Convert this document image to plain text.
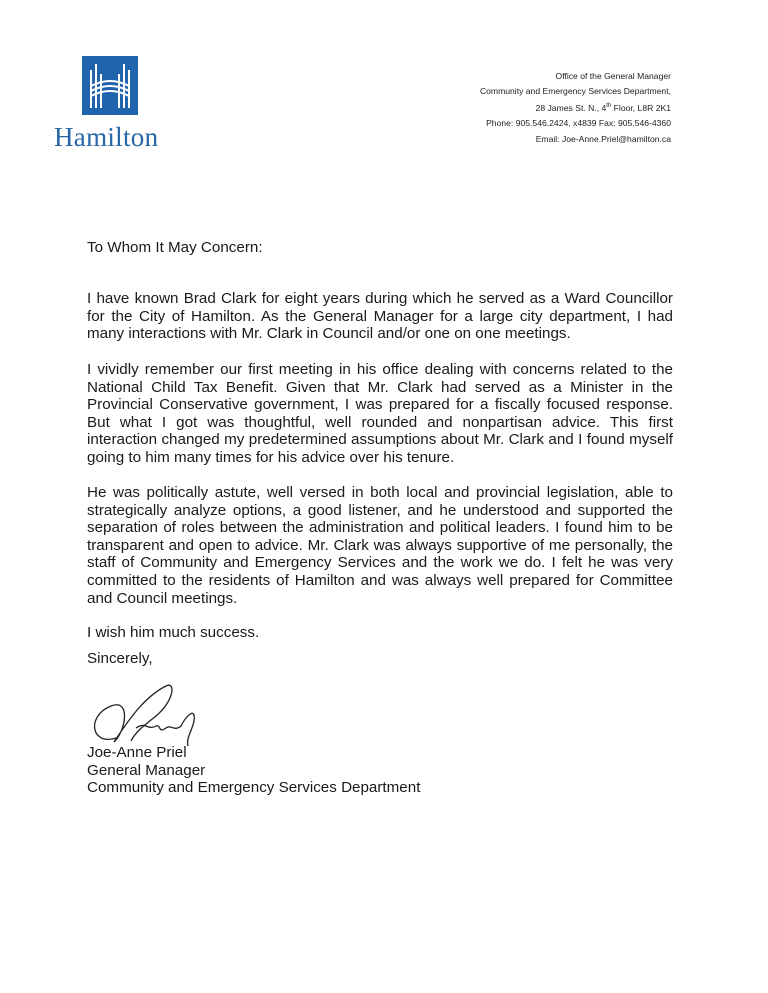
Hamilton
Office of the General Manager
Community and Emergency Services Department,
28 James St. N., 4th Floor, L8R 2K1
Phone: 905.546.2424, x4839 Fax: 905.546-4360
Email: Joe-Anne.Priel@hamilton.ca
To Whom It May Concern:
I have known Brad Clark for eight years during which he served as a Ward Councillor
for the City of Hamilton. As the General Manager for a large city department, I had
many interactions with Mr. Clark in Council and/or one on one meetings.
I vividly remember our first meeting in his office dealing with concerns related to the
National Child Tax Benefit. Given that Mr. Clark had served as a Minister in the
Provincial Conservative government, I was prepared for a fiscally focused response.
But what I got was thoughtful, well rounded and nonpartisan advice. This first
interaction changed my predetermined assumptions about Mr. Clark and I found myself
going to him many times for his advice over his tenure.
He was politically astute, well versed in both local and provincial legislation, able to
strategically analyze options, a good listener, and he understood and supported the
separation of roles between the administration and political leaders. I found him to be
transparent and open to advice. Mr. Clark was always supportive of me personally, the
staff of Community and Emergency Services and the work we do. I felt he was very
committed to the residents of Hamilton and was always well prepared for Committee
and Council meetings.
I wish him much success.
Sincerely,
Joe-Anne Priel
General Manager
Community and Emergency Services Department
